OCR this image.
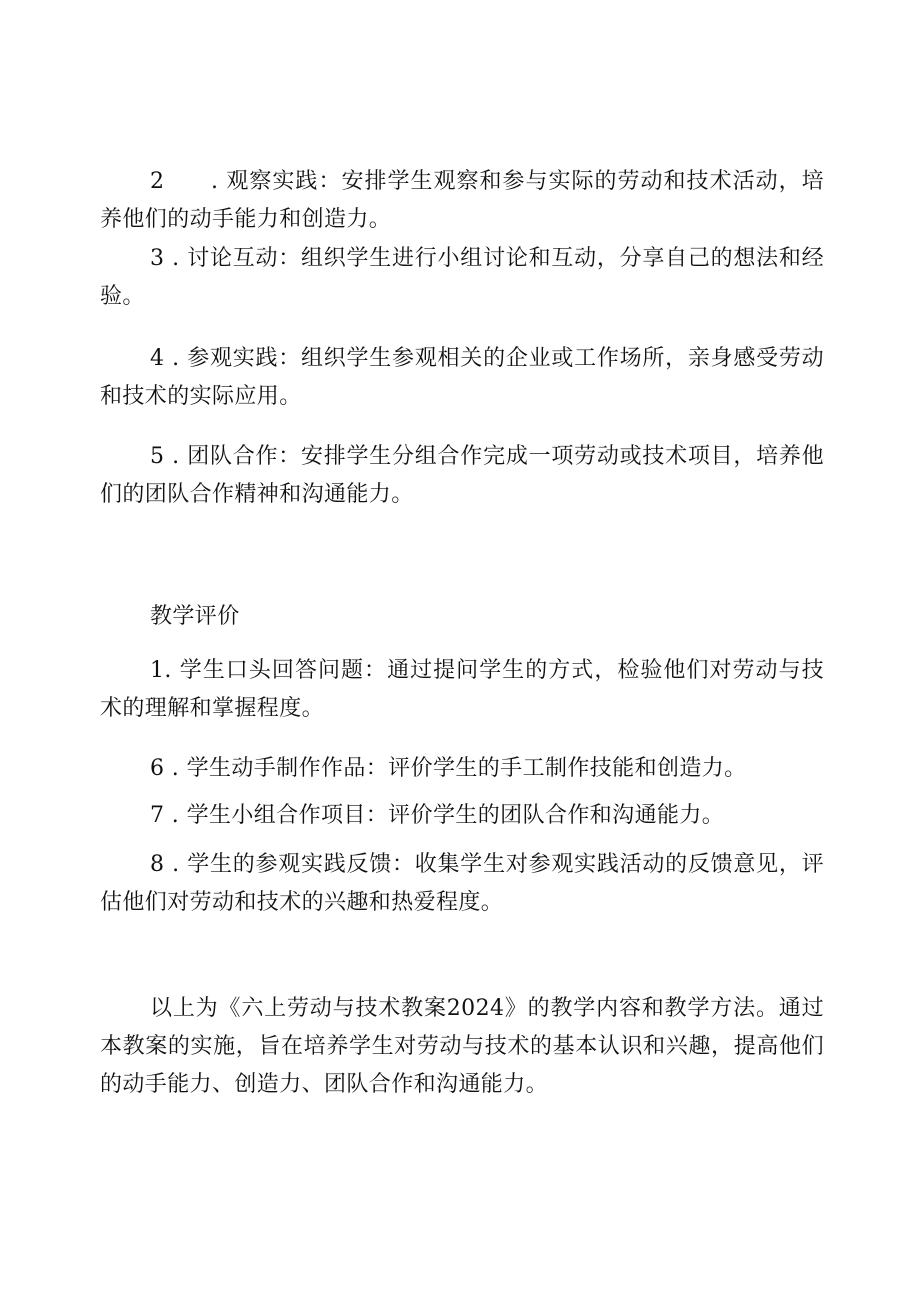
2　　. 观察实践：安排学生观察和参与实际的劳动和技术活动，培养他们的动手能力和创造力。

3 . 讨论互动：组织学生进行小组讨论和互动，分享自己的想法和经验。

4 . 参观实践：组织学生参观相关的企业或工作场所，亲身感受劳动和技术的实际应用。

5 . 团队合作：安排学生分组合作完成一项劳动或技术项目，培养他们的团队合作精神和沟通能力。

教学评价

1. 学生口头回答问题：通过提问学生的方式，检验他们对劳动与技术的理解和掌握程度。

6 . 学生动手制作作品：评价学生的手工制作技能和创造力。

7 . 学生小组合作项目：评价学生的团队合作和沟通能力。

8 . 学生的参观实践反馈：收集学生对参观实践活动的反馈意见，评估他们对劳动和技术的兴趣和热爱程度。

以上为《六上劳动与技术教案2024》的教学内容和教学方法。通过本教案的实施，旨在培养学生对劳动与技术的基本认识和兴趣，提高他们的动手能力、创造力、团队合作和沟通能力。
